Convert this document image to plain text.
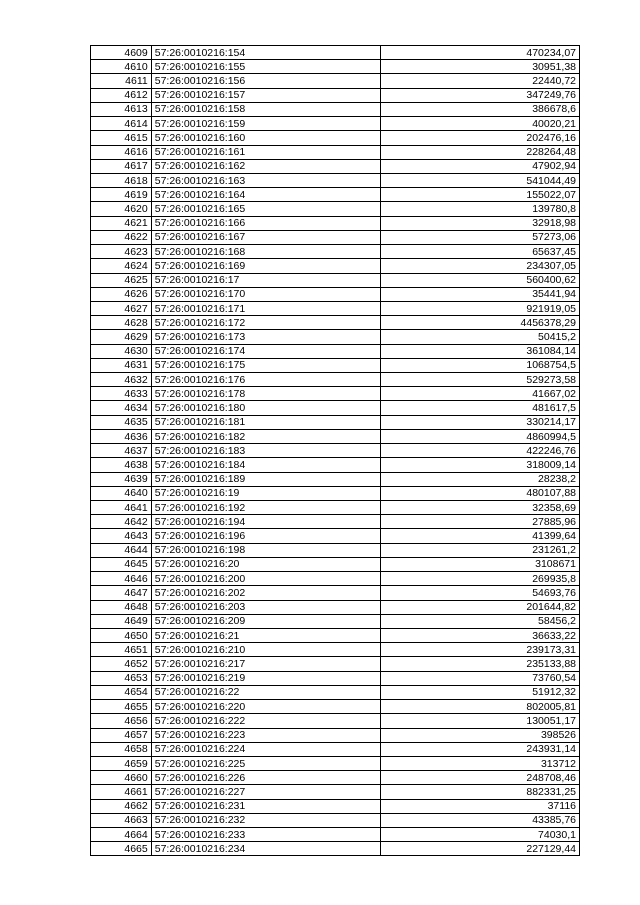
4609	57:26:0010216:154	470234,07
4610	57:26:0010216:155	30951,38
4611	57:26:0010216:156	22440,72
4612	57:26:0010216:157	347249,76
4613	57:26:0010216:158	386678,6
4614	57:26:0010216:159	40020,21
4615	57:26:0010216:160	202476,16
4616	57:26:0010216:161	228264,48
4617	57:26:0010216:162	47902,94
4618	57:26:0010216:163	541044,49
4619	57:26:0010216:164	155022,07
4620	57:26:0010216:165	139780,8
4621	57:26:0010216:166	32918,98
4622	57:26:0010216:167	57273,06
4623	57:26:0010216:168	65637,45
4624	57:26:0010216:169	234307,05
4625	57:26:0010216:17	560400,62
4626	57:26:0010216:170	35441,94
4627	57:26:0010216:171	921919,05
4628	57:26:0010216:172	4456378,29
4629	57:26:0010216:173	50415,2
4630	57:26:0010216:174	361084,14
4631	57:26:0010216:175	1068754,5
4632	57:26:0010216:176	529273,58
4633	57:26:0010216:178	41667,02
4634	57:26:0010216:180	481617,5
4635	57:26:0010216:181	330214,17
4636	57:26:0010216:182	4860994,5
4637	57:26:0010216:183	422246,76
4638	57:26:0010216:184	318009,14
4639	57:26:0010216:189	28238,2
4640	57:26:0010216:19	480107,88
4641	57:26:0010216:192	32358,69
4642	57:26:0010216:194	27885,96
4643	57:26:0010216:196	41399,64
4644	57:26:0010216:198	231261,2
4645	57:26:0010216:20	3108671
4646	57:26:0010216:200	269935,8
4647	57:26:0010216:202	54693,76
4648	57:26:0010216:203	201644,82
4649	57:26:0010216:209	58456,2
4650	57:26:0010216:21	36633,22
4651	57:26:0010216:210	239173,31
4652	57:26:0010216:217	235133,88
4653	57:26:0010216:219	73760,54
4654	57:26:0010216:22	51912,32
4655	57:26:0010216:220	802005,81
4656	57:26:0010216:222	130051,17
4657	57:26:0010216:223	398526
4658	57:26:0010216:224	243931,14
4659	57:26:0010216:225	313712
4660	57:26:0010216:226	248708,46
4661	57:26:0010216:227	882331,25
4662	57:26:0010216:231	37116
4663	57:26:0010216:232	43385,76
4664	57:26:0010216:233	74030,1
4665	57:26:0010216:234	227129,44
